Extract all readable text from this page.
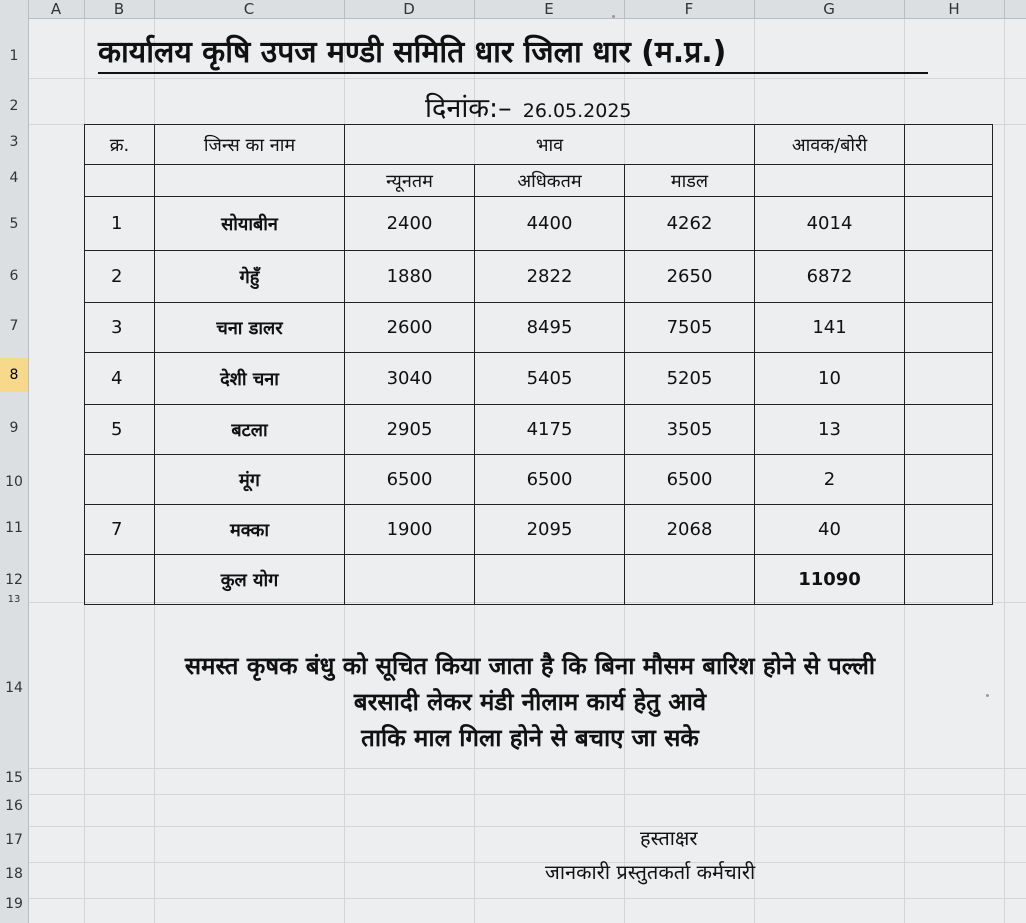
A	B	C	D	E	F	G	H
1
2
3
4
5
6
7
8
9
10
11
12
13
14
15
16
17
18
19
कार्यालय कृषि उपज मण्डी समिति धार जिला धार (म.प्र.)
दिनांक:– 26.05.2025
क्र.	जिन्स का नाम	भाव			आवक/बोरी	
		न्यूनतम	अधिकतम	माडल		
1	सोयाबीन	2400	4400	4262	4014	
2	गेहुँ	1880	2822	2650	6872	
3	चना डालर	2600	8495	7505	141	
4	देशी चना	3040	5405	5205	10	
5	बटला	2905	4175	3505	13	
	मूंग	6500	6500	6500	2	
7	मक्का	1900	2095	2068	40	
	कुल योग				11090	
समस्त कृषक बंधु को सूचित किया जाता है कि बिना मौसम बारिश होने से पल्ली
बरसादी लेकर मंडी नीलाम कार्य हेतु आवे
ताकि माल गिला होने से बचाए जा सके
हस्ताक्षर
जानकारी प्रस्तुतकर्ता कर्मचारी
